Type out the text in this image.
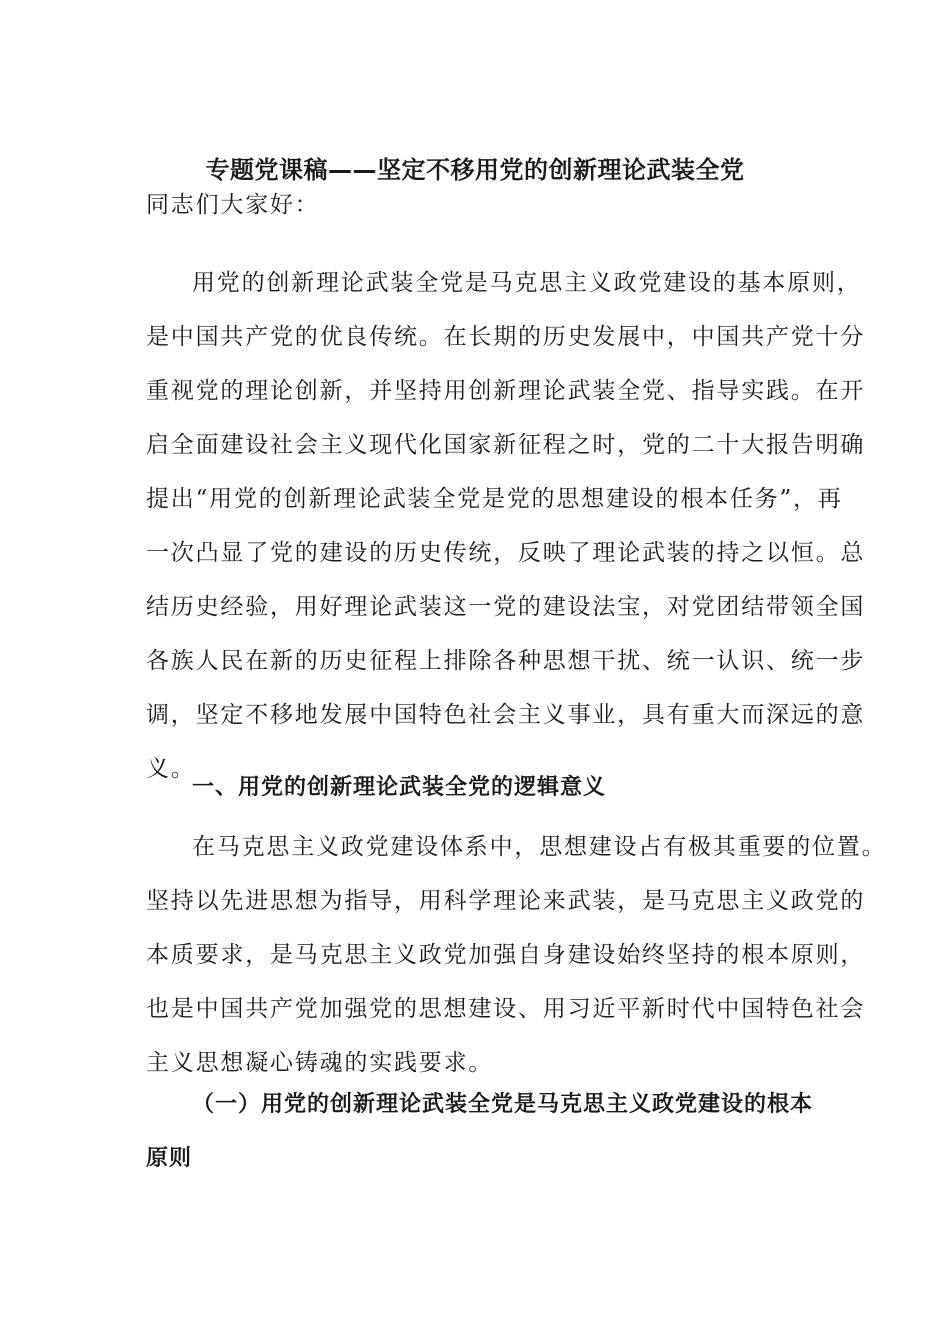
专题党课稿——坚定不移用党的创新理论武装全党

同志们大家好：

用党的创新理论武装全党是马克思主义政党建设的基本原则，
是中国共产党的优良传统。在长期的历史发展中，中国共产党十分
重视党的理论创新，并坚持用创新理论武装全党、指导实践。在开
启全面建设社会主义现代化国家新征程之时，党的二十大报告明确
提出“用党的创新理论武装全党是党的思想建设的根本任务”，再
一次凸显了党的建设的历史传统，反映了理论武装的持之以恒。总
结历史经验，用好理论武装这一党的建设法宝，对党团结带领全国
各族人民在新的历史征程上排除各种思想干扰、统一认识、统一步
调，坚定不移地发展中国特色社会主义事业，具有重大而深远的意
义。
一、用党的创新理论武装全党的逻辑意义
在马克思主义政党建设体系中，思想建设占有极其重要的位置。
坚持以先进思想为指导，用科学理论来武装，是马克思主义政党的
本质要求，是马克思主义政党加强自身建设始终坚持的根本原则，
也是中国共产党加强党的思想建设、用习近平新时代中国特色社会
主义思想凝心铸魂的实践要求。
（一）用党的创新理论武装全党是马克思主义政党建设的根本
原则
